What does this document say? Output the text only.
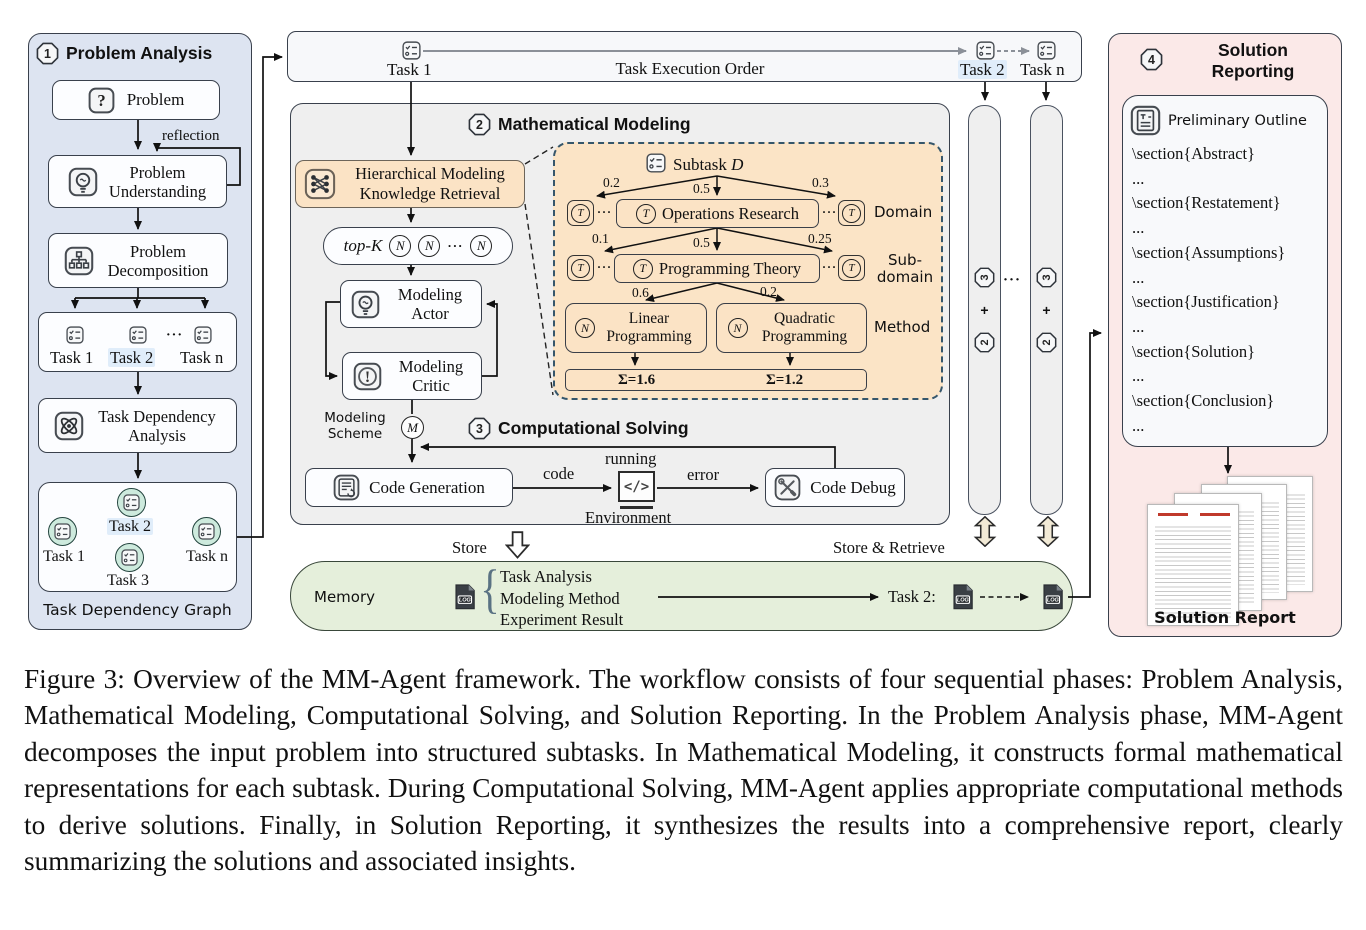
3
+
2
··· 3
+
2
1 Problem Analysis
Problem
reflection
Problem Understanding
Problem Decomposition
···
Task 1 Task 2 Task n
Task Dependency Analysis
Task 2
Task 1
Task 3
Task n
Task Dependency Graph
Task 1	Task Execution Order	Task 2 Task n
2 Mathematical Modeling
Hierarchical Modeling Knowledge Retrieval
top-K	N	N	···	N
Modeling Actor
Modeling Critic
Modeling
Scheme	M
Subtask D
0.2	0.5	0.3
T	···	T Operations Research ···	T	Domain
0.1	0.5	0.25
T	···	T Programming Theory ···	T	Sub-
domain
0.6	0.2
N
Linear Programming
N
Quadratic Programming
Method
Σ=1.6	Σ=1.2
3 Computational Solving
Code Generation
code
running
</>
Environment
error
Code Debug
Store	Store & Retrieve
Memory { Task Analysis
Modeling Method
Experiment Result
Task 2:
4	Solution
Reporting
Preliminary Outline
\section{Abstract}
...
\section{Restatement}
...
\section{Assumptions}
...
\section{Justification}
...
\section{Solution}
...
\section{Conclusion}
...
Solution Report
Figure 3: Overview of the MM-Agent framework. The workflow consists of four sequential phases: Problem Analysis, Mathematical Modeling, Computational Solving, and Solution Reporting. In the Problem Analysis phase, MM-Agent decomposes the input problem into structured subtasks. In Mathematical Modeling, it constructs formal mathematical representations for each subtask. During Computational Solving, MM-Agent applies appropriate computational methods to derive solutions. Finally, in Solution Reporting, it synthesizes the results into a comprehensive report, clearly summarizing the solutions and associated insights.
